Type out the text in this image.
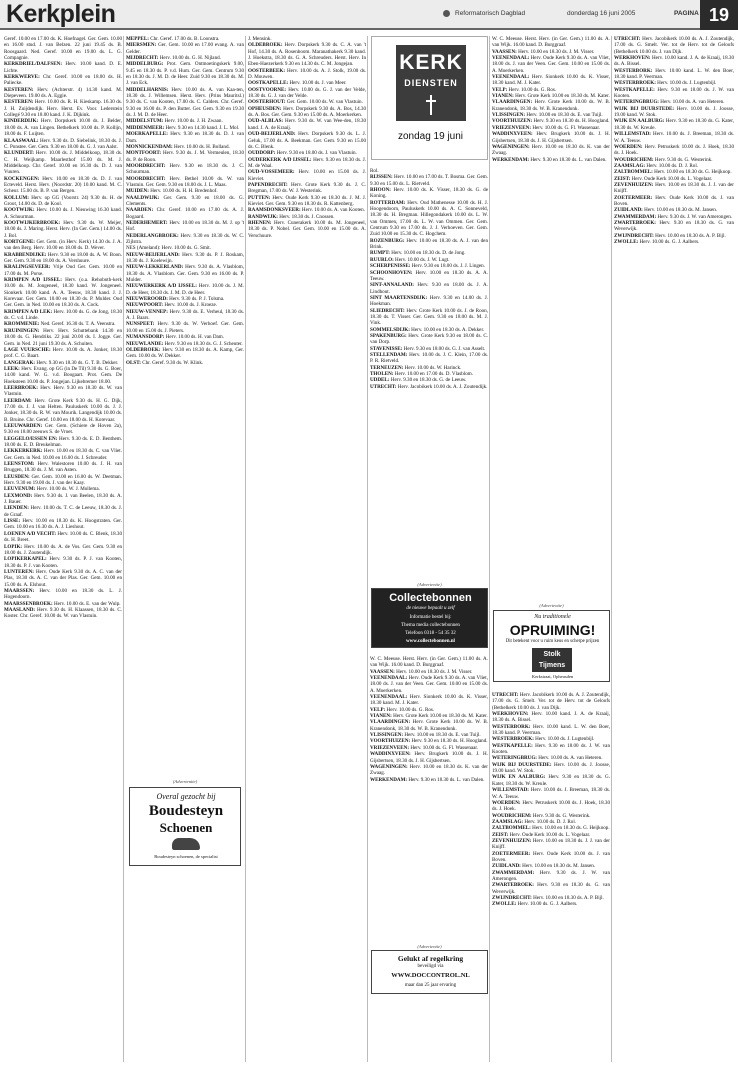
Kerkplein	Reformatorisch Dagblad	donderdag 16 juni 2005	PAGINA 19

Geref. 10.00 en 17.00 ds. K. Hoefnagel. Ger. Gem. 10.00 en 16.00 stud. J. van Belzen. 22 juni 19.45 ds. B. Roosgaard. Ned. Geref. 10.00 en 19.00 ds. L. G. Compagnie.

KERKDRIEL/DALFSEN: Herv. 10.00 kand. D. E. Lichte.

KERKWERVE: Chr. Geref. 10.00 en 18.00 ds. H. Paliecke.

KESTEREN: Herv. (Achterstr. 4) 14.30 kand. M. Diepeveen. 19.00 ds. A. Eggie.

KESTEREN: Herv. 10.00 ds. R. H. Kieskamp. 16.30 ds. J. H. Zuijdendijk. Herv. Herst. Ev. Voor. Lederstein Collegé 9.30 en 18.00 kand. J. K. Dijkink.

KINDERDIJK: Herv. Dorpskerk 10.00 ds. J. Belder, 18.00 ds. A. van Lingen. Bethelkerk 10.00 ds. P. Kollijn, 18.00 ds. F. Luijten.

KLAASWAAL: Herv. 9.30 ds. D. Siebelink, 18.30 ds. J. C. Ponstee. Ger. Gem. 9.30 en 18.00 ds. G. J. van Aalst.

KLUNDERT: Herv. 10.00 ds. J. Middelkoop, 18.30 ds. C. H. Weijkamp. Maarlesthof 15.00 ds. M. J. Middelkoop. Chr. Geref. 10.00 en 16.30 ds. D. J. van Vuuren.

KOCKENGEN: Herv. 10.00 en 18.30 ds. D. J. van Ecteveld. Herst. Herv. (Noordstr. 20) 10.00 kand. M. C. Scheur. 15.00 ds. B. P. van Bergen.

KOLLUM: Herv. op GG (Voorstr. 24) 9.30 ds. H. de Groot, 14.00 ds. D. de Kool.

KOOTWIJK: Herv. 10.00 ds. J. Nieuwing 16.30 kand. A. Schuurman.

KOOTWIJKERBROEK: Herv. 9.30 ds. W. Meijer, 18.00 ds. J. Maring. Herst. Herv. (In Ger. Gem.) 14.00 ds. J. Bol.

KORTGENE: Ger. Gem. (in Herv. Kerk) 14.30 ds. J. A. van den Berg. Herv. 10.00 en 18.00 ds. D. Wever.

KRABBENDIJKE: Herv. 9.30 en 18.00 ds. A. W. Boon. Ger. Gem. 9.30 en 18.00 ds. A. Vershuure.

KRALINGSEVEER: Vrije Oud Ger. Gem. 10.00 en 17.00 ds. M. Porse.

KRIMPEN A/D IJSSEL: Herv. (o.a. Rehoboth-kerk 10.00 ds. M. Jongeneel, 18.30 kand. W. Jongeneel. Sionkerk 10.00 kand. A. A. Teeuw, 18.30 kand. J. J. Korevaar. Ger. Gem. 10.00 en 18.30 ds. P. Mulder. Oud Ger. Gem. in Ned. 10.00 en 18.30 ds. A. Cock.

KRIMPEN A/D LEK: Herv. 10.00 ds. G. de Jong, 18.30 ds. C. v.d. Linde.

KROMMENIE: Ned. Geref. 16.30 ds. T. A. Veenstra.

KRUININGEN: Herv. Herv. Schuttebank 14.30 en 18.00 ds. G. Hendriks. 22 juni 20.00 ds. I. Jogge. Ger. Gem. in Ned. 21 juni 19.30 ds. A. Schuiten.

LAGE VUURSCHE: Herv. 10.00 ds. A. Jonker, 18.30 prof. C. G. Baart.

LANGERAK: Herv. 9.30 en 18.30 ds. G. T. B. Dekker.

LEEK: Herv. Evang. op GG (in De Til) 9.30 ds. G. Boer, 14.00 kand. W. G. v.d. Boogaart. Prot. Gem. De Hoeksteen 10.00 ds. P. Jongejan. Lijkebremer 18.00.

LEERBROEK: Herv. Herv. 9.30 en 18.30 ds. W. van Vlastuin.

LEERDAM: Herv. Grote Kerk 9.30 ds. H. G. Dijk, 17.00 ds. J. J. van Helten. Pauluskerk 10.00 ds. J. J. Jonker, 18.30 ds. R. W. van Mourik. Langendijk 10.00 ds. B. Bruine. Chr. Geref. 10.00 en 18.00 ds. H. Korevaar.

LEEUWARDEN: Ger. Gem. (Schiere de Hoven 2a), 9.30 en 18.00 zeeuws S. de Vroet.

LEGGELO/ESSEN EN: Herv. 9.30 ds. E. D. Benthem. 18.00 ds. E. D. Breukelman.

LEKKERKERK: Herv. 10.00 en 18.30 ds. C. van Vliet. Ger. Gem. in Ned. 10.00 en 16.00 ds. J. Schreuder.

LEENSTOM: Herv. Walestoren 10.00 ds. J. H. van Bruggen, 18.30 ds. J. M. van Asten.

LEUSDEN: Ger. Gem. 10.00 en 16.00 ds. W. Deetman. Herv. 9.30 en 19.00 ds. J. van der Kaay.

LEUVENUM: Herv. 10.00 ds. W. J. Mollema.

LEXMOND: Herv. 9.30 ds. J. van Beelen, 18.30 ds. A. J. Bauer.

LIENDEN: Herv. 10.00 ds. T. C. de Leeuw, 18.30 ds. J. de Graaf.

LISSE: Herv. 10.00 en 18.30 ds. K. Hoogstraten. Ger. Gem. 10.00 en 16.30 ds. A. J. Lieshout.

LOENEN A/D VECHT: Herv. 10.00 ds. C. Blenk, 18.30 ds. H. Breet.

LOPIK: Herv. 10.00 ds. A. de Vos. Ger. Gem. 9.30 en 18.00 ds. J. Zoutendijk.

LOPIKERKAPEL: Herv. 9.30 ds. P. J. van Kooten, 18.30 ds. P. J. van Kooten.

LUNTEREN: Herv. Oude Kerk 9.30 ds. A. C. van der Plas, 18.30 ds. A. C. van der Plas. Ger. Gem. 10.00 en 15.00 ds. A. Elshout.

MAARSSEN: Herv. 10.00 en 18.30 ds. L. J. Hogendoorn.

MAARSSENBROEK: Herv. 10.00 ds. E. van der Wulp.

MAASLAND: Herv. 9.30 ds. H. Klaassen, 18.30 ds. C. Koster. Chr. Geref. 10.00 ds. W. van Vlastuin.

MEPPEL: Chr. Geref. 17.00 ds. B. Loonstra.

MIERSMEN: Ger. Gem. 10.00 en 17.00 evang. A. van Gelder.

MIJDRECHT: Herv. 10.00 ds. G. H. Nijland.

MIDDELBURG: Prot. Gem. Ontmoetingskerk 9.00, 9.45 en 18.30 ds. P. v.d. Hum. Ger. Gem. Centrum 9.30 en 18.30 ds. J. M. D. de Heer. Zuid 9.30 en 18.30 ds. M. J. van Eck.

MIDDELHARNIS: Herv. 10.00 ds. A. van Kaa-ten, 18.30 ds. J. Willemsen. Herst. Herv. (Prins Mauritsl.) 9.30 ds. C. van Kooten, 17.00 ds. C. Calders. Chr. Geref. 9.30 en 16.00 ds. P. den Butter. Ger. Gem. 9.30 en 19.30 ds. J. M. D. de Heer.

MIDDELSTUM: Herv. 10.00 ds. J. H. Zwaan.

MIDDENMEER: Herv. 9.30 en 14.30 kand. J. L. Mol.

MOERKAPELLE: Herv. 9.30 en 18.30 ds. D. J. van Dam.

MONNICKENDAM: Herv. 10.00 ds. H. Bolland.

MONTFOORT: Herv. 9.30 ds. J. M. Vermeulen, 18.30 ds. P. de Roon.

MOORDRECHT: Herv. 9.30 en 18.30 ds. J. C. Schuurman.

MOORDRECHT: Herv. Bethel 10.00 ds. W. van Vlastuin. Ger. Gem. 9.30 en 18.00 ds. J. L. Maas.

MUIDEN: Herv. 10.00 ds. H. H. Bredenhof.

NAALDWIJK: Ger. Gem. 9.30 en 18.00 ds. G. Clements.

NAARDEN: Chr. Geref. 10.00 en 17.00 ds. A. J. Bogaard.

NEDERHEMERT: Herv. 10.00 en 18.30 ds. M. J. op 't Hof.

NEDERLANGBROEK: Herv. 9.30 en 18.30 ds. W. C. Zijlstra.

NES (Ameland): Herv. 10.00 ds. G. Smit.

NIEUW-BEIJERLAND: Herv. 9.30 ds. P. J. Roskam, 18.30 ds. J. Koelewijn.

NIEUW-LEKKERLAND: Herv. 9.30 ds. A. Vlasblom, 18.30 ds. A. Vlasblom. Ger. Gem. 9.30 en 16.00 ds. P. Mulder.

NIEUWERKERK A/D IJSSEL: Herv. 10.00 ds. J. M. D. de Heer, 18.30 ds. J. M. D. de Heer.

NIEUWEROORD: Herv. 9.30 ds. P. J. Tolsma.

NIEUWPOORT: Herv. 10.00 ds. J. Kroeze.

NIEUW-VENNEP: Herv. 9.30 ds. E. Verheul, 18.30 ds. A. J. Baars.

NUNSPEET: Herv. 9.30 ds. W. Verhoef. Ger. Gem. 10.00 en 15.00 ds. J. Pieters.

NUMANSDORP: Herv. 10.00 ds. H. van Dam.

NIEUWLANDE: Herv. 9.30 en 18.30 ds. G. J. Scheuter.

OLDEBROEK: Herv. 9.30 en 18.30 ds. A. Kamp, Ger. Gem. 10.00 ds. W. Dekker.

OLST: Chr. Geref. 9.30 ds. W. Klink.

J. Mensink.

OLDEBROEK: Herv. Dorpskerk 9.30 ds. C. A. van 't Hof, 14.30 ds. A. Rosenboom. Maranathakerk 9.30 kand. J. Hoekstra, 18.30 ds. G. A. Schreuders. Herst. Herv. In Eben-Haezerkerk 9.30 en 14.30 ds. C. M. Jongejan.

OOSTERBEEK: Herv. 10.00 ds. A. J. Stolk, 19.00 ds. D. Mouwen.

OOSTKAPELLE: Herv. 10.00 ds. J. van Meer.

OOSTVOORNE: Herv. 10.00 ds. G. J. van der Velde, 18.30 ds. G. J. van der Velde.

OOSTERHOUT: Ger. Gem. 10.00 ds. W. van Vlastuin.

OPHEUSDEN: Herv. Dorpskerk 9.30 ds. A. Bos, 14.30 ds. A. Bos. Ger. Gem. 9.30 en 15.00 ds. A. Moerkerken.

OUD-ALBLAS: Herv. 9.30 ds. W. van Wee-den, 18.30 kand. J. A. de Kraaij.

OUD-BEIJERLAND: Herv. Dorpskerk 9.30 ds. L. J. Geluk, 17.00 ds. A. Beekman. Ger. Gem. 9.30 en 15.00 ds. C. Blenk.

OUDDORP: Herv. 9.30 en 18.00 ds. J. van Vlastuin.

OUDERKERK A/D IJSSEL: Herv. 9.30 en 18.30 ds. J. M. de Waal.

OUD-VOSSEMEER: Herv. 10.00 en 15.00 ds. J. Kieviet.

PAPENDRECHT: Herv. Grote Kerk 9.30 ds. J. C. Bregman, 17.00 ds. W. J. Westerink.

PUTTEN: Herv. Oude Kerk 9.30 en 18.30 ds. J. M. J. Kieviet. Ger. Gem. 9.30 en 18.30 ds. R. Kattenberg.

RAAMSDONKSVEER: Herv. 10.00 ds. A. van Kooten.

RANDWIJK: Herv. 18.30 ds. J. Cnossen.

RHENEN: Herv. Cunerakerk 10.00 ds. M. Jongeneel, 18.30 ds. P. Nobel. Ger. Gem. 10.00 en 15.00 ds. A. Verschuure.

Rol.

RIJSSEN: Herv. 10.00 en 17.00 ds. T. Bosma. Ger. Gem. 9.30 en 15.00 ds. L. Rietveld.

RHOON: Herv. 10.00 ds. K. Visser, 18.30 ds. G. de Koning.

ROTTERDAM: Herv. Oud Mathenesse 10.00 ds. H. J. Hoogendoorn, Pauluskerk 10.00 ds. A. C. Sonneveld, 18.30 ds. H. Bregman. Hillegondakerk 10.00 ds. L. W. van Ommen, 17.00 ds. L. W. van Ommen. Ger. Gem. Centrum 9.30 en 17.00 ds. J. J. Verhoeven. Ger. Gem. Zuid 10.00 en 15.30 ds. C. Hogchem.

ROZENBURG: Herv. 10.00 en 18.30 ds. A. J. van den Brink.

RUMPT: Herv. 10.00 en 18.30 ds. D. de Jong.

RUURLO: Herv. 10.00 ds. J. W. Lugt.

SCHERPENISSE: Herv. 9.30 en 18.00 ds. J. J. Lingen.

SCHOONHOVEN: Herv. 10.00 en 18.30 ds. A. A. Teeuw.

SINT-ANNALAND: Herv. 9.30 en 18.00 ds. J. A. Lindhout.

SINT MAARTENSDIJK: Herv. 9.30 en 14.00 ds. J. Hoekman.

SLIEDRECHT: Herv. Grote Kerk 10.00 ds. J. de Roon, 18.30 ds. T. Visser. Ger. Gem. 9.30 en 18.00 ds. M. J. Vink.

SOMMELSDIJK: Herv. 10.00 en 18.30 ds. A. Dekker.

SPAKENBURG: Herv. Grote Kerk 9.30 en 18.00 ds. C. van Dorp.

STAVENISSE: Herv. 9.30 en 18.00 ds. G. J. van Asselt.

STELLENDAM: Herv. 10.00 ds. J. C. Klein, 17.00 ds. P. R. Rietveld.

TERNEUZEN: Herv. 10.00 ds. W. Harinck.

THOLEN: Herv. 10.00 en 17.00 ds. D. Vlasblom.

UDDEL: Herv. 9.30 en 18.30 ds. G. de Leeuw.

UTRECHT: Herv. Jacobikerk 10.00 ds. A. J. Zoutendijk.

W. C. Meeuse. Herst. Herv. (in Ger. Gem.) 11.00 ds. A. van Wijk. 16.00 kand. D. Burggraaf.

VAASSEN: Herv. 10.00 en 18.30 ds. J. M. Visser.

VEENENDAAL: Herv. Oude Kerk 9.30 ds. A. van Vliet, 18.00 ds. J. van der Veen. Ger. Gem. 10.00 en 15.00 ds. A. Moerkerken.

VEENENDAAL: Herv. Sionkerk 10.00 ds. K. Visser, 18.30 kand. M. J. Kater.

VELP: Herv. 10.00 ds. G. Ros.

VIANEN: Herv. Grote Kerk 10.00 en 18.30 ds. M. Kater.

VLAARDINGEN: Herv. Grote Kerk 10.00 ds. W. B. Kranendonk, 18.30 ds. W. B. Kranendonk.

VLISSINGEN: Herv. 10.00 en 18.30 ds. E. van Tuijl.

VOORTHUIZEN: Herv. 9.30 en 18.30 ds. H. Hoogland.

VRIEZENVEEN: Herv. 10.00 ds. G. Fl. Wassenaar.

WADDINXVEEN: Herv. Brugkerk 10.00 ds. J. H. Gijsbertsen, 18.30 ds. J. H. Gijsbertsen.

WAGENINGEN: Herv. 10.00 en 18.30 ds. K. van der Zwaag.

WERKENDAM: Herv. 9.30 en 18.30 ds. L. van Dalen.

W. C. Meeuse. Herst. Herv. (in Ger. Gem.) 11.00 ds. A. van Wijk. 16.00 kand. D. Burggraaf.

VAASSEN: Herv. 10.00 en 18.30 ds. J. M. Visser.

VEENENDAAL: Herv. Oude Kerk 9.30 ds. A. van Vliet, 18.00 ds. J. van der Veen. Ger. Gem. 10.00 en 15.00 ds. A. Moerkerken.

VEENENDAAL: Herv. Sionkerk 10.00 ds. K. Visser, 18.30 kand. M. J. Kater.

VELP: Herv. 10.00 ds. G. Ros.

VIANEN: Herv. Grote Kerk 10.00 en 18.30 ds. M. Kater.

VLAARDINGEN: Herv. Grote Kerk 10.00 ds. W. B. Kranendonk, 18.30 ds. W. B. Kranendonk.

VLISSINGEN: Herv. 10.00 en 18.30 ds. E. van Tuijl.

VOORTHUIZEN: Herv. 9.30 en 18.30 ds. H. Hoogland.

VRIEZENVEEN: Herv. 10.00 ds. G. Fl. Wassenaar.

WADDINXVEEN: Herv. Brugkerk 10.00 ds. J. H. Gijsbertsen, 18.30 ds. J. H. Gijsbertsen.

WAGENINGEN: Herv. 10.00 en 18.30 ds. K. van der Zwaag.

WERKENDAM: Herv. 9.30 en 18.30 ds. L. van Dalen.

UTRECHT: Herv. Jacobikerk 10.00 ds. A. J. Zoutendijk, 17.00 ds. G. Smelt. Ver. tot de Herv. tot de Geloofs (Bethelkerk 10.00 ds. J. van Dijk.

WERKHOVEN: Herv. 10.00 kand. J. A. de Kraaij, 18.30 ds. A. Bissel.

WESTERBORK: Herv. 10.00 kand. L. W. den Boer, 18.30 kand. P. Veerman.

WESTERBROEK: Herv. 10.00 ds. J. Lugtenbijl.

WESTKAPELLE: Herv. 9.30 en 18.00 ds. J. W. van Kooten.

WETERINGBRUG: Herv. 10.00 ds. A. van Heteren.

WIJK BIJ DUURSTEDE: Herv. 10.00 ds. J. Joosse, 19.00 kand. W. Stok.

WIJK EN AALBURG: Herv. 9.30 en 18.30 ds. G. Kater, 18.30 ds. W. Kreule.

WILLEMSTAD: Herv. 10.00 ds. J. Breeman, 18.30 ds. W. A. Teeuw.

WOERDEN: Herv. Petruskerk 10.00 ds. J. Hoek, 18.30 ds. J. Hoek.

WOUDRICHEM: Herv. 9.30 ds. G. Westerink.

ZAAMSLAG: Herv. 10.00 ds. D. J. Rol.

ZALTBOMMEL: Herv. 10.00 en 18.30 ds. G. Heijkoop.

ZEIST: Herv. Oude Kerk 10.00 ds. L. Vogelaar.

ZEVENHUIZEN: Herv. 10.00 en 18.30 ds. J. J. van der Knijff.

ZOETERMEER: Herv. Oude Kerk 10.00 ds. J. van Boven.

ZUIDLAND: Herv. 10.00 en 18.30 ds. M. Jansen.

ZWAMMERDAM: Herv. 9.30 ds. J. W. van Amerongen.

ZWARTEBROEK: Herv. 9.30 en 18.30 ds. G. van Weverwijk.

ZWIJNDRECHT: Herv. 10.00 en 18.30 ds. A. P. Bijl.

ZWOLLE: Herv. 10.00 ds. G. J. Aalbers.

UTRECHT: Herv. Jacobikerk 10.00 ds. A. J. Zoutendijk, 17.00 ds. G. Smelt. Ver. tot de Herv. tot de Geloofs (Bethelkerk 10.00 ds. J. van Dijk.

WERKHOVEN: Herv. 10.00 kand. J. A. de Kraaij, 18.30 ds. A. Bissel.

WESTERBORK: Herv. 10.00 kand. L. W. den Boer, 18.30 kand. P. Veerman.

WESTERBROEK: Herv. 10.00 ds. J. Lugtenbijl.

WESTKAPELLE: Herv. 9.30 en 18.00 ds. J. W. van Kooten.

WETERINGBRUG: Herv. 10.00 ds. A. van Heteren.

WIJK BIJ DUURSTEDE: Herv. 10.00 ds. J. Joosse, 19.00 kand. W. Stok.

WIJK EN AALBURG: Herv. 9.30 en 18.30 ds. G. Kater, 18.30 ds. W. Kreule.

WILLEMSTAD: Herv. 10.00 ds. J. Breeman, 18.30 ds. W. A. Teeuw.

WOERDEN: Herv. Petruskerk 10.00 ds. J. Hoek, 18.30 ds. J. Hoek.

WOUDRICHEM: Herv. 9.30 ds. G. Westerink.

ZAAMSLAG: Herv. 10.00 ds. D. J. Rol.

ZALTBOMMEL: Herv. 10.00 en 18.30 ds. G. Heijkoop.

ZEIST: Herv. Oude Kerk 10.00 ds. L. Vogelaar.

ZEVENHUIZEN: Herv. 10.00 en 18.30 ds. J. J. van der Knijff.

ZOETERMEER: Herv. Oude Kerk 10.00 ds. J. van Boven.

ZUIDLAND: Herv. 10.00 en 18.30 ds. M. Jansen.

ZWAMMERDAM: Herv. 9.30 ds. J. W. van Amerongen.

ZWARTEBROEK: Herv. 9.30 en 18.30 ds. G. van Weverwijk.

ZWIJNDRECHT: Herv. 10.00 en 18.30 ds. A. P. Bijl.

ZWOLLE: Herv. 10.00 ds. G. J. Aalbers.

KERK
DIENSTEN
zondag 19 juni
(Advertentie)
Overal gezocht bij
Boudesteyn
Schoenen
Boudesteyn schoenen, de specialist
(Advertentie)
Collectebonnen
de nieuwe bepaalt u zelf
Informatie bestel bij:
Thema media collectebonnen
Telefoon 0318 - 54 35 32
www.collectebonnen.nl
(Advertentie)
Gelukt af regelkring
beveiligd via
WWW.DOCCONTROL.NL
maar dan 25 jaar ervaring
(Advertentie)
Nu traditionele
OPRUIMING!
Dit betekent voor u ruim keus en scherpe prijzen
Stolk Tijmens
Kerkstraat, Opheusden
